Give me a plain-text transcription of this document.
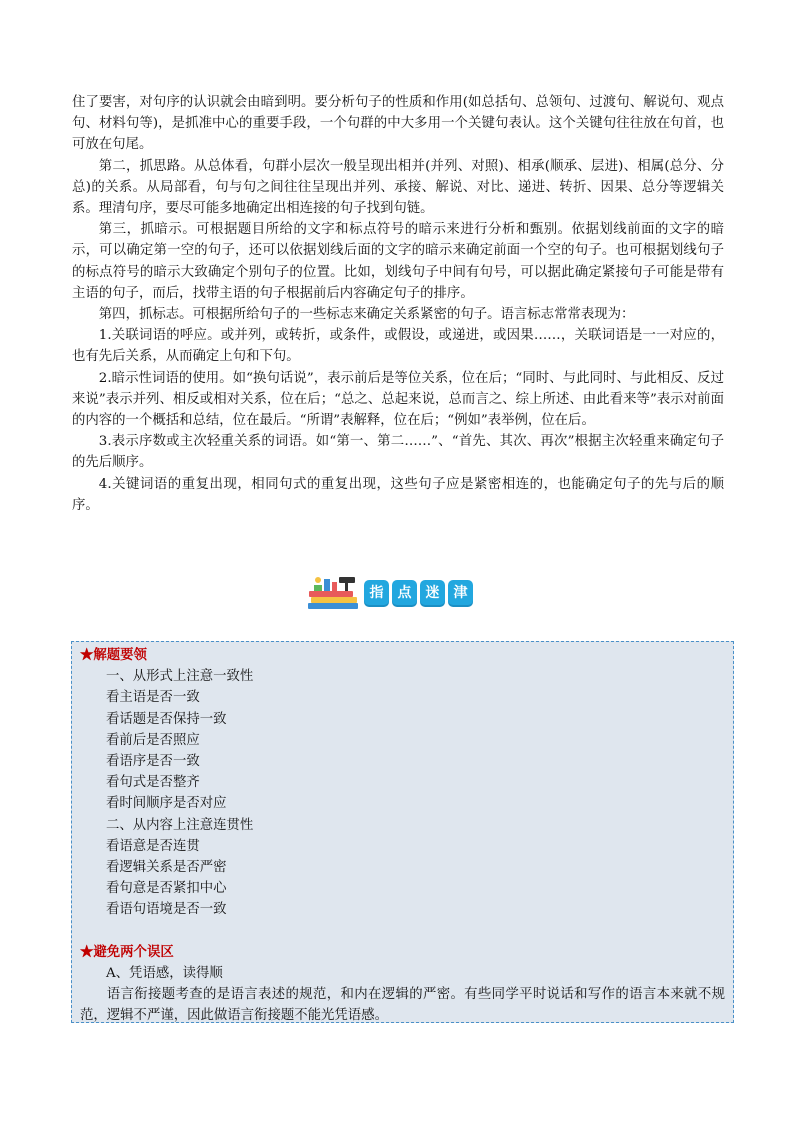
住了要害，对句序的认识就会由暗到明。要分析句子的性质和作用(如总括句、总领句、过渡句、解说句、观点句、材料句等)，是抓准中心的重要手段，一个句群的中大多用一个关键句表认。这个关键句往往放在句首，也可放在句尾。

第二，抓思路。从总体看，句群小层次一般呈现出相并(并列、对照)、相承(顺承、层进)、相属(总分、分总)的关系。从局部看，句与句之间往往呈现出并列、承接、解说、对比、递进、转折、因果、总分等逻辑关系。理清句序，要尽可能多地确定出相连接的句子找到句链。

第三，抓暗示。可根据题目所给的文字和标点符号的暗示来进行分析和甄别。依据划线前面的文字的暗示，可以确定第一空的句子，还可以依据划线后面的文字的暗示来确定前面一个空的句子。也可根据划线句子的标点符号的暗示大致确定个别句子的位置。比如，划线句子中间有句号，可以据此确定紧接句子可能是带有主语的句子，而后，找带主语的句子根据前后内容确定句子的排序。

第四，抓标志。可根据所给句子的一些标志来确定关系紧密的句子。语言标志常常表现为：

1.关联词语的呼应。或并列，或转折，或条件，或假设，或递进，或因果……，关联词语是一一对应的，也有先后关系，从而确定上句和下句。

2.暗示性词语的使用。如“换句话说”，表示前后是等位关系，位在后；“同时、与此同时、与此相反、反过来说”表示并列、相反或相对关系，位在后；“总之、总起来说，总而言之、综上所述、由此看来等”表示对前面的内容的一个概括和总结，位在最后。“所谓”表解释，位在后；“例如”表举例，位在后。

3.表示序数或主次轻重关系的词语。如“第一、第二……”、“首先、其次、再次”根据主次轻重来确定句子的先后顺序。

4.关键词语的重复出现，相同句式的重复出现，这些句子应是紧密相连的，也能确定句子的先与后的顺序。

指	点	迷	津

★解题要领

一、从形式上注意一致性

看主语是否一致

看话题是否保持一致

看前后是否照应

看语序是否一致

看句式是否整齐

看时间顺序是否对应

二、从内容上注意连贯性

看语意是否连贯

看逻辑关系是否严密

看句意是否紧扣中心

看语句语境是否一致

★避免两个误区

A、凭语感，读得顺

语言衔接题考查的是语言表述的规范，和内在逻辑的严密。有些同学平时说话和写作的语言本来就不规范，逻辑不严谨，因此做语言衔接题不能光凭语感。
